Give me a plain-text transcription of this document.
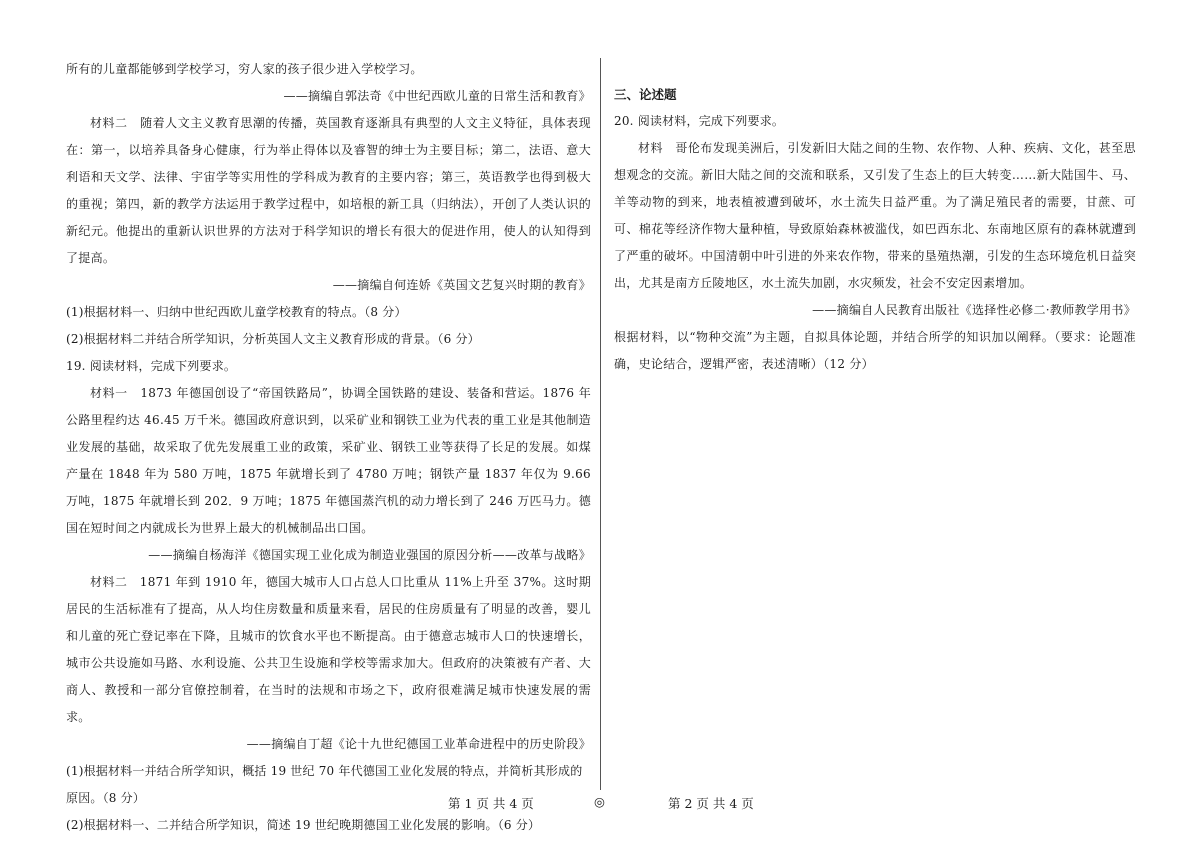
所有的儿童都能够到学校学习，穷人家的孩子很少进入学校学习。

——摘编自郭法奇《中世纪西欧儿童的日常生活和教育》

材料二　随着人文主义教育思潮的传播，英国教育逐渐具有典型的人文主义特征，具体表现在：第一，以培养具备身心健康，行为举止得体以及睿智的绅士为主要目标；第二，法语、意大利语和天文学、法律、宇宙学等实用性的学科成为教育的主要内容；第三，英语教学也得到极大的重视；第四，新的教学方法运用于教学过程中，如培根的新工具（归纳法），开创了人类认识的新纪元。他提出的重新认识世界的方法对于科学知识的增长有很大的促进作用，使人的认知得到了提高。

——摘编自何连娇《英国文艺复兴时期的教育》

(1)根据材料一、归纳中世纪西欧儿童学校教育的特点。（8 分）

(2)根据材料二并结合所学知识，分析英国人文主义教育形成的背景。（6 分）

19. 阅读材料，完成下列要求。

材料一　1873 年德国创设了“帝国铁路局”，协调全国铁路的建设、装备和营运。1876 年公路里程约达 46.45 万千米。德国政府意识到，以采矿业和钢铁工业为代表的重工业是其他制造业发展的基础，故采取了优先发展重工业的政策，采矿业、钢铁工业等获得了长足的发展。如煤产量在 1848 年为 580 万吨，1875 年就增长到了 4780 万吨；钢铁产量 1837 年仅为 9.66 万吨，1875 年就增长到 202．9 万吨；1875 年德国蒸汽机的动力增长到了 246 万匹马力。德国在短时间之内就成长为世界上最大的机械制品出口国。

——摘编自杨海洋《德国实现工业化成为制造业强国的原因分析——改革与战略》

材料二　1871 年到 1910 年，德国大城市人口占总人口比重从 11%上升至 37%。这时期居民的生活标准有了提高，从人均住房数量和质量来看，居民的住房质量有了明显的改善，婴儿和儿童的死亡登记率在下降，且城市的饮食水平也不断提高。由于德意志城市人口的快速增长，城市公共设施如马路、水利设施、公共卫生设施和学校等需求加大。但政府的决策被有产者、大商人、教授和一部分官僚控制着，在当时的法规和市场之下，政府很难满足城市快速发展的需求。

——摘编自丁超《论十九世纪德国工业革命进程中的历史阶段》

(1)根据材料一并结合所学知识，概括 19 世纪 70 年代德国工业化发展的特点，并简析其形成的原因。（8 分）

(2)根据材料一、二并结合所学知识，简述 19 世纪晚期德国工业化发展的影响。（6 分）

三、论述题

20. 阅读材料，完成下列要求。

材料　哥伦布发现美洲后，引发新旧大陆之间的生物、农作物、人种、疾病、文化，甚至思想观念的交流。新旧大陆之间的交流和联系，又引发了生态上的巨大转变……新大陆国牛、马、羊等动物的到来，地表植被遭到破坏，水土流失日益严重。为了满足殖民者的需要，甘蔗、可可、棉花等经济作物大量种植，导致原始森林被滥伐，如巴西东北、东南地区原有的森林就遭到了严重的破坏。中国清朝中叶引进的外来农作物，带来的垦殖热潮，引发的生态环境危机日益突出，尤其是南方丘陵地区，水土流失加剧，水灾频发，社会不安定因素增加。

——摘编自人民教育出版社《选择性必修二·教师教学用书》

根据材料，以“物种交流”为主题，自拟具体论题，并结合所学的知识加以阐释。（要求：论题准确，史论结合，逻辑严密，表述清晰）（12 分）

第 1 页 共 4 页	◎	第 2 页 共 4 页
